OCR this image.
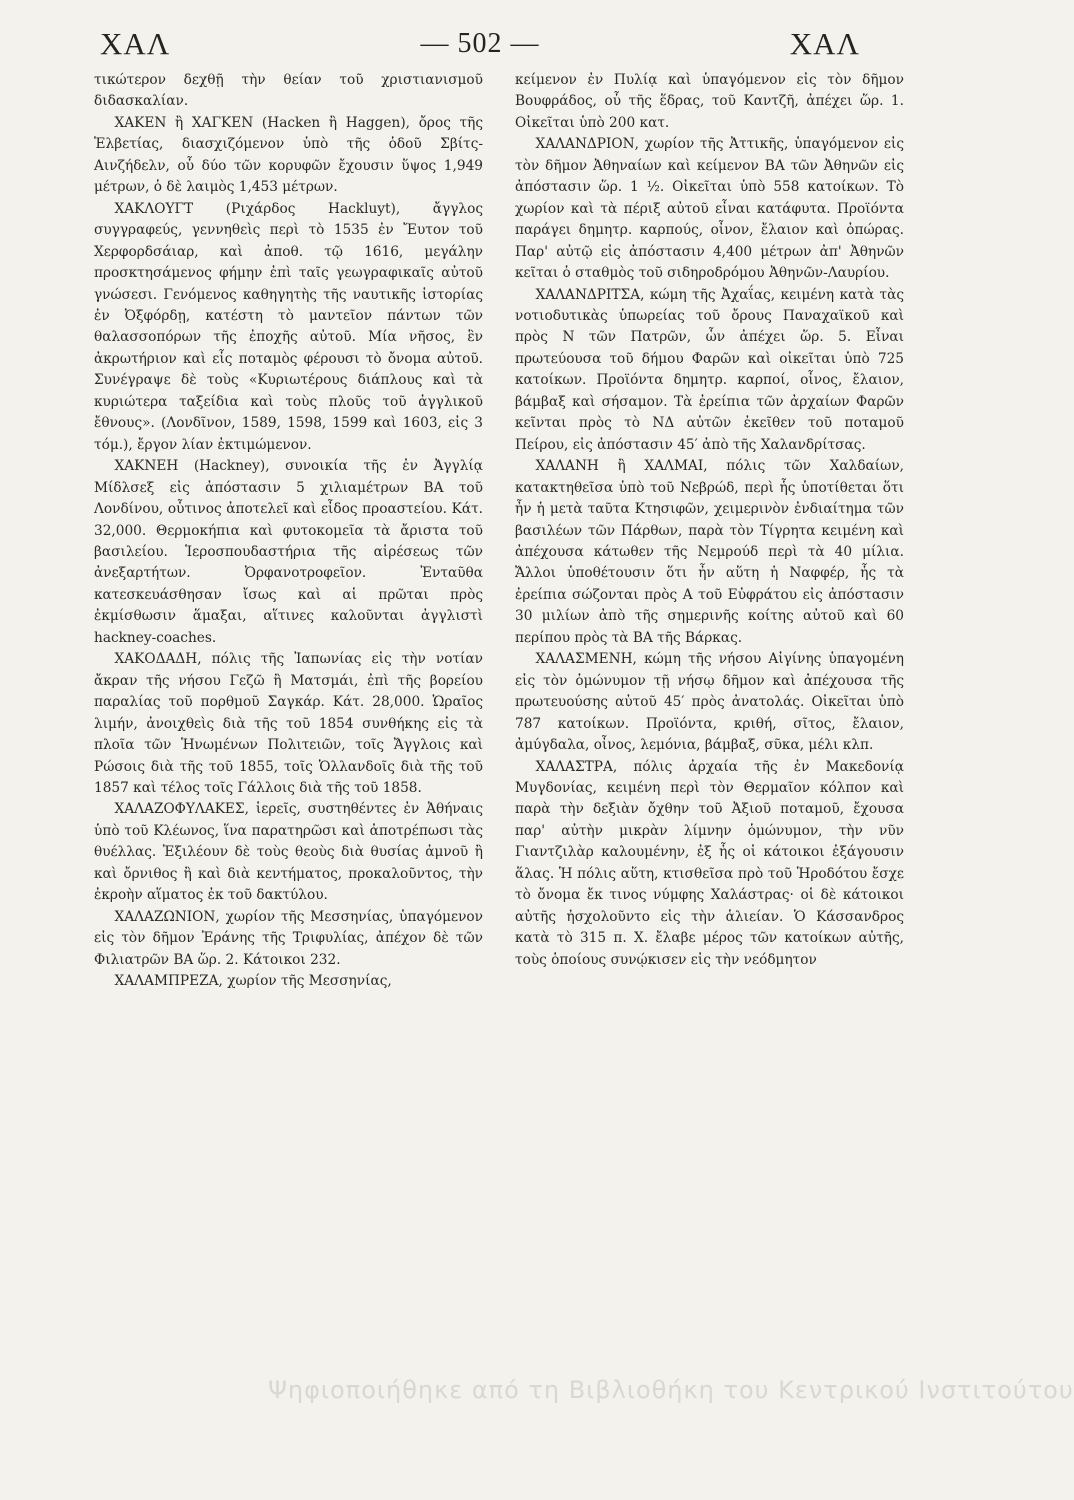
ΧΑΛ	— 502 —	ΧΑΛ

τικώτερον δεχθῇ τὴν θείαν τοῦ χριστιανισμοῦ διδασκαλίαν.

ΧΑΚΕΝ ἢ ΧΑΓΚΕΝ (Hacken ἢ Haggen), ὄρος τῆς Ἑλβετίας, διασχιζόμενον ὑπὸ τῆς ὁδοῦ Σβίτς-Αινζήδελν, οὗ δύο τῶν κορυφῶν ἔχουσιν ὕψος 1,949 μέτρων, ὁ δὲ λαιμὸς 1,453 μέτρων.

ΧΑΚΛΟΥΓΤ (Ριχάρδος Hackluyt), ἄγγλος συγγραφεύς, γεννηθεὶς περὶ τὸ 1535 ἐν Ἔυτον τοῦ Χερφορδσάιαρ, καὶ ἀποθ. τῷ 1616, μεγάλην προσκτησάμενος φήμην ἐπὶ ταῖς γεωγραφικαῖς αὐτοῦ γνώσεσι. Γενόμενος καθηγητὴς τῆς ναυτικῆς ἱστορίας ἐν Ὀξφόρδῃ, κατέστη τὸ μαντεῖον πάντων τῶν θαλασσοπόρων τῆς ἐποχῆς αὐτοῦ. Μία νῆσος, ἓν ἀκρωτήριον καὶ εἷς ποταμὸς φέρουσι τὸ ὄνομα αὐτοῦ. Συνέγραψε δὲ τοὺς «Κυριωτέρους διάπλους καὶ τὰ κυριώτερα ταξείδια καὶ τοὺς πλοῦς τοῦ ἀγγλικοῦ ἔθνους». (Λονδῖνον, 1589, 1598, 1599 καὶ 1603, εἰς 3 τόμ.), ἔργον λίαν ἐκτιμώμενον.

ΧΑΚΝΕΗ (Hackney), συνοικία τῆς ἐν Ἀγγλίᾳ Μίδλσεξ εἰς ἀπόστασιν 5 χιλιαμέτρων ΒΑ τοῦ Λονδίνου, οὗτινος ἀποτελεῖ καὶ εἶδος προαστείου. Κάτ. 32,000. Θερμοκήπια καὶ φυτοκομεῖα τὰ ἄριστα τοῦ βασιλείου. Ἱεροσπουδαστήρια τῆς αἱρέσεως τῶν ἀνεξαρτήτων. Ὀρφανοτροφεῖον. Ἐνταῦθα κατεσκευάσθησαν ἴσως καὶ αἱ πρῶται πρὸς ἐκμίσθωσιν ἅμαξαι, αἵτινες καλοῦνται ἀγγλιστὶ hackney-coaches.

ΧΑΚΟΔΑΔΗ, πόλις τῆς Ἰαπωνίας εἰς τὴν νοτίαν ἄκραν τῆς νήσου Γεζῶ ἢ Ματσμάι, ἐπὶ τῆς βορείου παραλίας τοῦ πορθμοῦ Σαγκάρ. Κάτ. 28,000. Ὡραῖος λιμήν, ἀνοιχθεὶς διὰ τῆς τοῦ 1854 συνθήκης εἰς τὰ πλοῖα τῶν Ἡνωμένων Πολιτειῶν, τοῖς Ἄγγλοις καὶ Ρώσοις διὰ τῆς τοῦ 1855, τοῖς Ὁλλανδοῖς διὰ τῆς τοῦ 1857 καὶ τέλος τοῖς Γάλλοις διὰ τῆς τοῦ 1858.

ΧΑΛΑΖΟΦΥΛΑΚΕΣ, ἱερεῖς, συστηθέντες ἐν Ἀθήναις ὑπὸ τοῦ Κλέωνος, ἵνα παρατηρῶσι καὶ ἀποτρέπωσι τὰς θυέλλας. Ἐξιλέουν δὲ τοὺς θεοὺς διὰ θυσίας ἀμνοῦ ἢ καὶ ὄρνιθος ἢ καὶ διὰ κεντήματος, προκαλοῦντος, τὴν ἐκροὴν αἵματος ἐκ τοῦ δακτύλου.

ΧΑΛΑΖΩΝΙΟΝ, χωρίον τῆς Μεσσηνίας, ὑπαγόμενον εἰς τὸν δῆμον Ἐράνης τῆς Τριφυλίας, ἀπέχον δὲ τῶν Φιλιατρῶν ΒΑ ὥρ. 2. Κάτοικοι 232.

ΧΑΛΑΜΠΡΕΖΑ, χωρίον τῆς Μεσσηνίας,

κείμενον ἐν Πυλίᾳ καὶ ὑπαγόμενον εἰς τὸν δῆμον Βουφράδος, οὗ τῆς ἕδρας, τοῦ Καντζῆ, ἀπέχει ὥρ. 1. Οἰκεῖται ὑπὸ 200 κατ.

ΧΑΛΑΝΔΡΙΟΝ, χωρίον τῆς Ἀττικῆς, ὑπαγόμενον εἰς τὸν δῆμον Ἀθηναίων καὶ κείμενον ΒΑ τῶν Ἀθηνῶν εἰς ἀπόστασιν ὥρ. 1 ½. Οἰκεῖται ὑπὸ 558 κατοίκων. Τὸ χωρίον καὶ τὰ πέριξ αὐτοῦ εἶναι κατάφυτα. Προϊόντα παράγει δημητρ. καρπούς, οἶνον, ἔλαιον καὶ ὀπώρας. Παρ' αὐτῷ εἰς ἀπόστασιν 4,400 μέτρων ἀπ' Ἀθηνῶν κεῖται ὁ σταθμὸς τοῦ σιδηροδρόμου Ἀθηνῶν-Λαυρίου.

ΧΑΛΑΝΔΡΙΤΣΑ, κώμη τῆς Ἀχαΐας, κειμένη κατὰ τὰς νοτιοδυτικὰς ὑπωρείας τοῦ ὄρους Παναχαϊκοῦ καὶ πρὸς Ν τῶν Πατρῶν, ὧν ἀπέχει ὥρ. 5. Εἶναι πρωτεύουσα τοῦ δήμου Φαρῶν καὶ οἰκεῖται ὑπὸ 725 κατοίκων. Προϊόντα δημητρ. καρποί, οἶνος, ἔλαιον, βάμβαξ καὶ σήσαμον. Τὰ ἐρείπια τῶν ἀρχαίων Φαρῶν κεῖνται πρὸς τὸ ΝΔ αὐτῶν ἐκεῖθεν τοῦ ποταμοῦ Πείρου, εἰς ἀπόστασιν 45′ ἀπὸ τῆς Χαλανδρίτσας.

ΧΑΛΑΝΗ ἢ ΧΑΛΜΑΙ, πόλις τῶν Χαλδαίων, κατακτηθεῖσα ὑπὸ τοῦ Νεβρώδ, περὶ ἧς ὑποτίθεται ὅτι ἦν ἡ μετὰ ταῦτα Κτησιφῶν, χειμερινὸν ἐνδιαίτημα τῶν βασιλέων τῶν Πάρθων, παρὰ τὸν Τίγρητα κειμένη καὶ ἀπέχουσα κάτωθεν τῆς Νεμρούδ περὶ τὰ 40 μίλια. Ἄλλοι ὑποθέτουσιν ὅτι ἦν αὕτη ἡ Ναφφέρ, ἧς τὰ ἐρείπια σώζονται πρὸς Α τοῦ Εὐφράτου εἰς ἀπόστασιν 30 μιλίων ἀπὸ τῆς σημερινῆς κοίτης αὐτοῦ καὶ 60 περίπου πρὸς τὰ ΒΑ τῆς Βάρκας.

ΧΑΛΑΣΜΕΝΗ, κώμη τῆς νήσου Αἰγίνης ὑπαγομένη εἰς τὸν ὁμώνυμον τῇ νήσῳ δῆμον καὶ ἀπέχουσα τῆς πρωτευούσης αὐτοῦ 45′ πρὸς ἀνατολάς. Οἰκεῖται ὑπὸ 787 κατοίκων. Προϊόντα, κριθή, σῖτος, ἔλαιον, ἀμύγδαλα, οἶνος, λεμόνια, βάμβαξ, σῦκα, μέλι κλπ.

ΧΑΛΑΣΤΡΑ, πόλις ἀρχαία τῆς ἐν Μακεδονίᾳ Μυγδονίας, κειμένη περὶ τὸν Θερμαῖον κόλπον καὶ παρὰ τὴν δεξιὰν ὄχθην τοῦ Ἀξιοῦ ποταμοῦ, ἔχουσα παρ' αὐτὴν μικρὰν λίμνην ὁμώνυμον, τὴν νῦν Γιαντζιλὰρ καλουμένην, ἐξ ἧς οἱ κάτοικοι ἐξάγουσιν ἅλας. Ἡ πόλις αὕτη, κτισθεῖσα πρὸ τοῦ Ἡροδότου ἔσχε τὸ ὄνομα ἔκ τινος νύμφης Χαλάστρας· οἱ δὲ κάτοικοι αὐτῆς ἠσχολοῦντο εἰς τὴν ἁλιείαν. Ὁ Κάσσανδρος κατὰ τὸ 315 π. Χ. ἔλαβε μέρος τῶν κατοίκων αὐτῆς, τοὺς ὁποίους συνῴκισεν εἰς τὴν νεόδμητον

Ψηφιοποιήθηκε από τη Βιβλιοθήκη του Κεντρικού Ινστιτούτου
